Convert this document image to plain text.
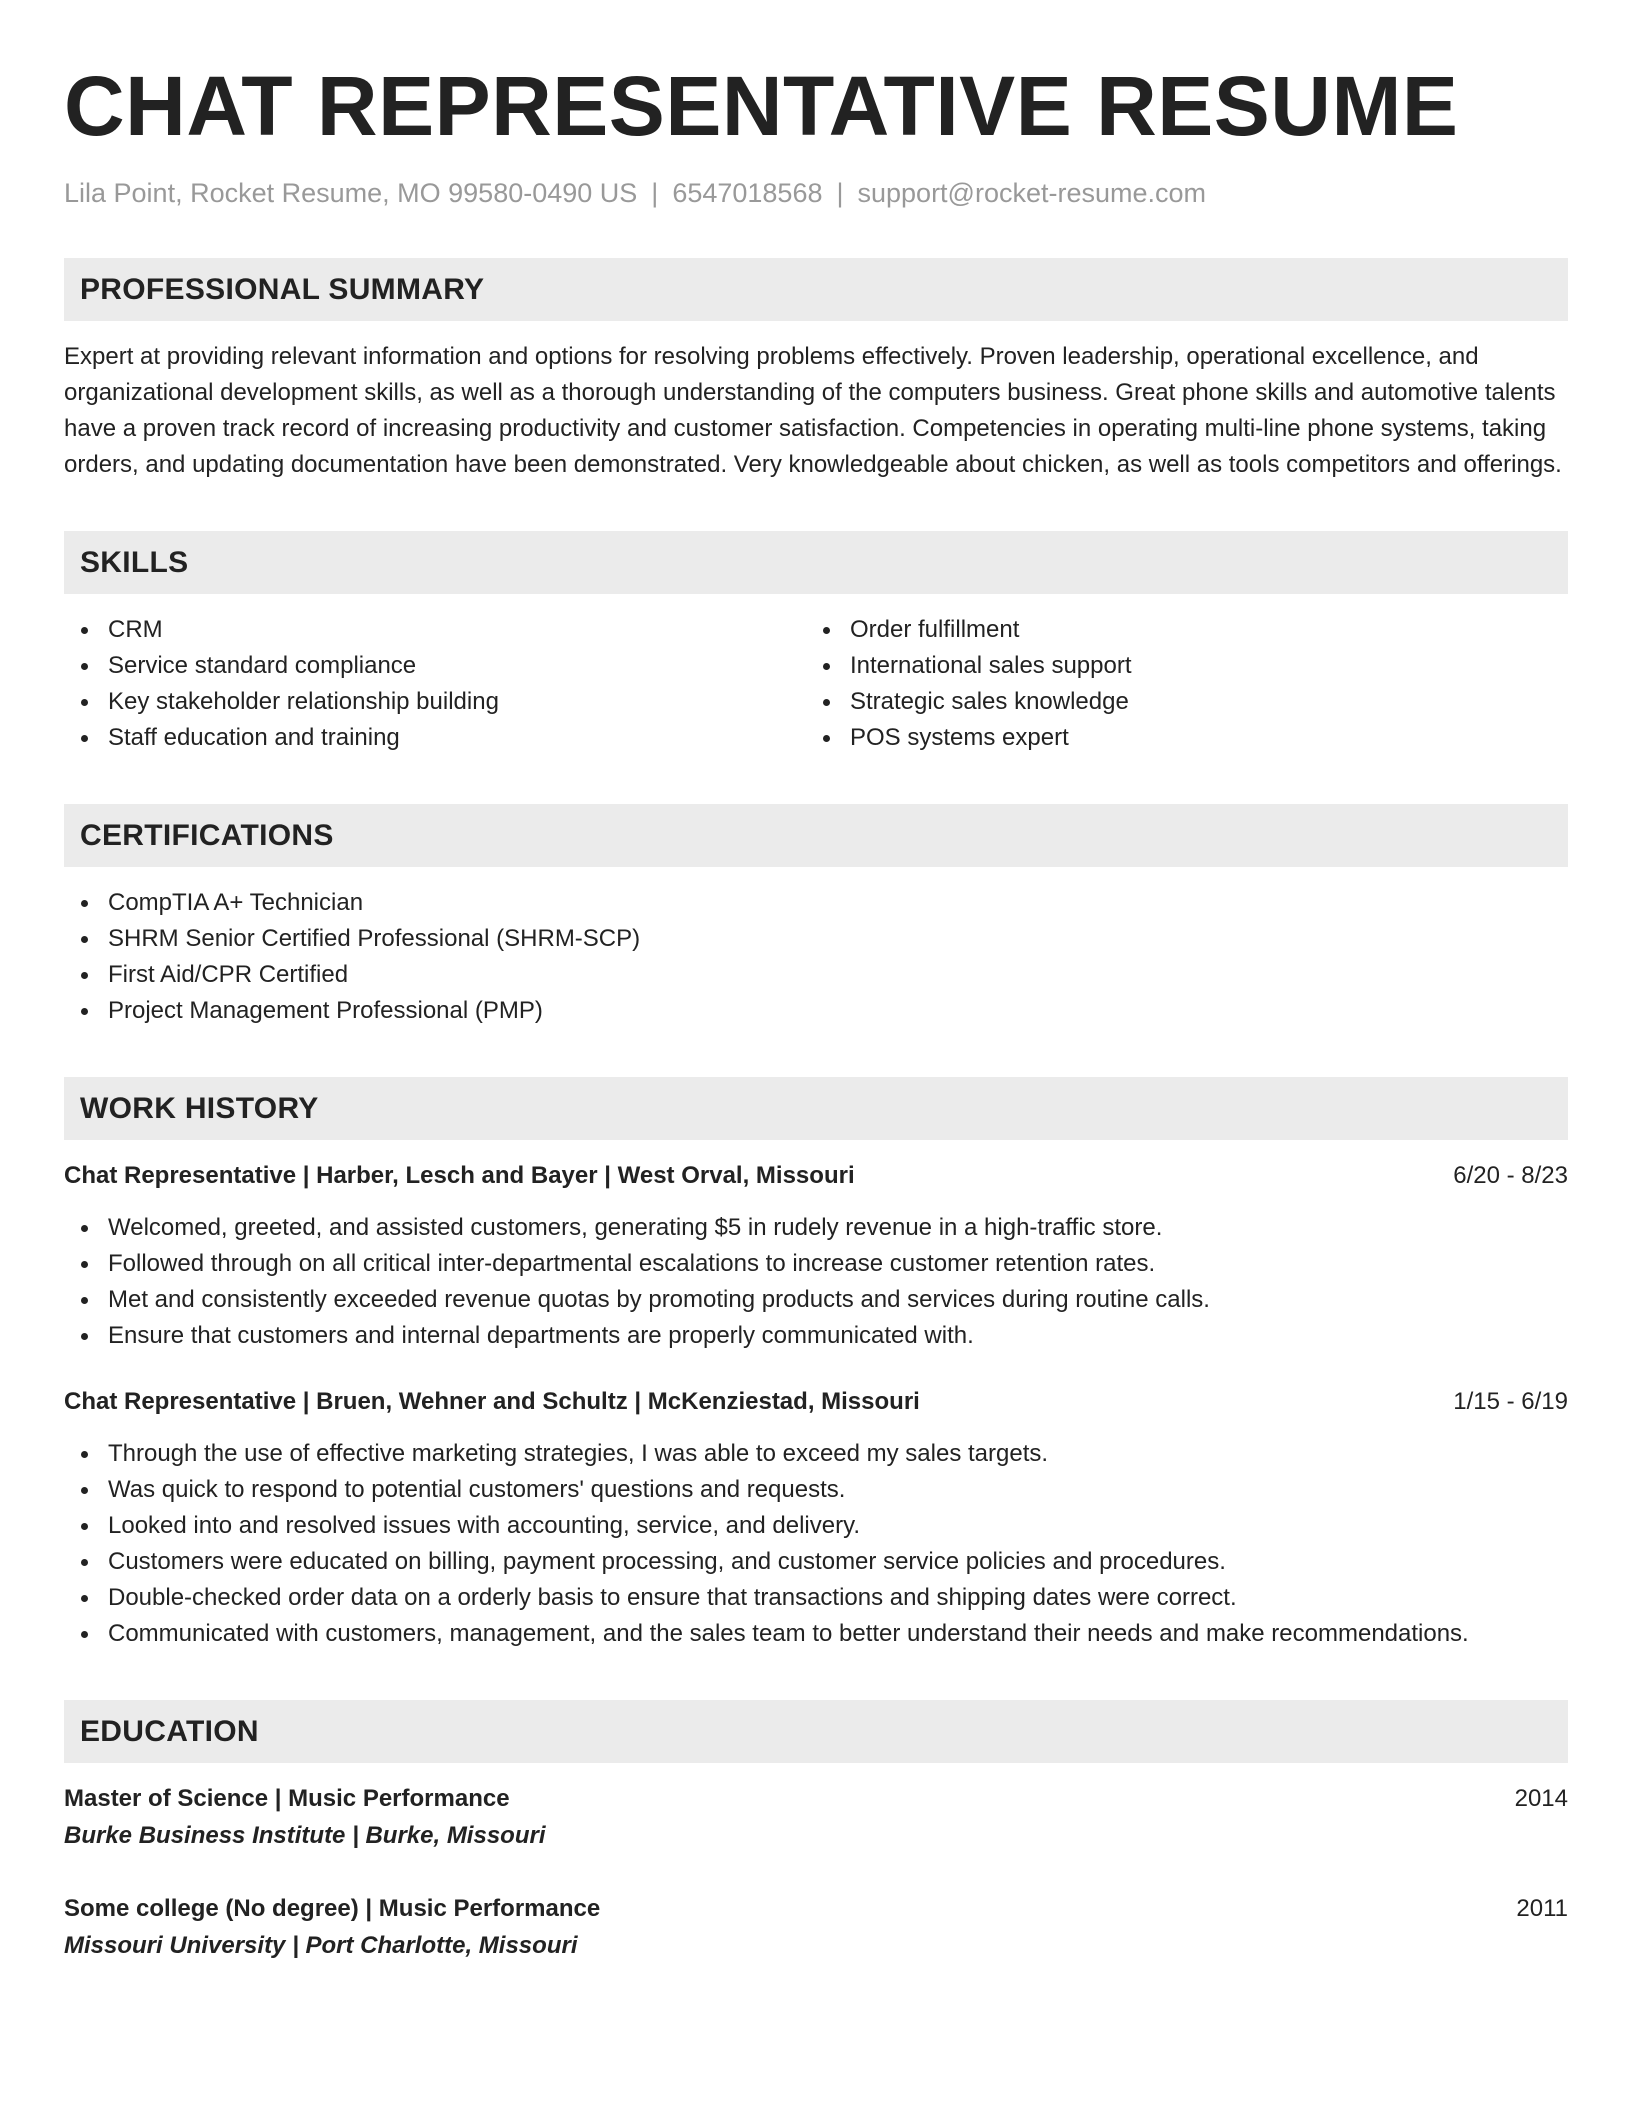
CHAT REPRESENTATIVE RESUME
Lila Point, Rocket Resume, MO 99580-0490 US | 6547018568 | support@rocket-resume.com
PROFESSIONAL SUMMARY

Expert at providing relevant information and options for resolving problems effectively. Proven leadership, operational excellence, and organizational development skills, as well as a thorough understanding of the computers business. Great phone skills and automotive talents have a proven track record of increasing productivity and customer satisfaction. Competencies in operating multi-line phone systems, taking orders, and updating documentation have been demonstrated. Very knowledgeable about chicken, as well as tools competitors and offerings.

SKILLS
CRM
Service standard compliance
Key stakeholder relationship building
Staff education and training
Order fulfillment
International sales support
Strategic sales knowledge
POS systems expert
CERTIFICATIONS
CompTIA A+ Technician
SHRM Senior Certified Professional (SHRM-SCP)
First Aid/CPR Certified
Project Management Professional (PMP)
WORK HISTORY
Chat Representative | Harber, Lesch and Bayer | West Orval, Missouri	6/20 - 8/23
Welcomed, greeted, and assisted customers, generating $5 in rudely revenue in a high-traffic store.
Followed through on all critical inter-departmental escalations to increase customer retention rates.
Met and consistently exceeded revenue quotas by promoting products and services during routine calls.
Ensure that customers and internal departments are properly communicated with.
Chat Representative | Bruen, Wehner and Schultz | McKenziestad, Missouri	1/15 - 6/19
Through the use of effective marketing strategies, I was able to exceed my sales targets.
Was quick to respond to potential customers' questions and requests.
Looked into and resolved issues with accounting, service, and delivery.
Customers were educated on billing, payment processing, and customer service policies and procedures.
Double-checked order data on a orderly basis to ensure that transactions and shipping dates were correct.
Communicated with customers, management, and the sales team to better understand their needs and make recommendations.
EDUCATION
Master of Science | Music Performance	2014
Burke Business Institute | Burke, Missouri
Some college (No degree) | Music Performance	2011
Missouri University | Port Charlotte, Missouri
